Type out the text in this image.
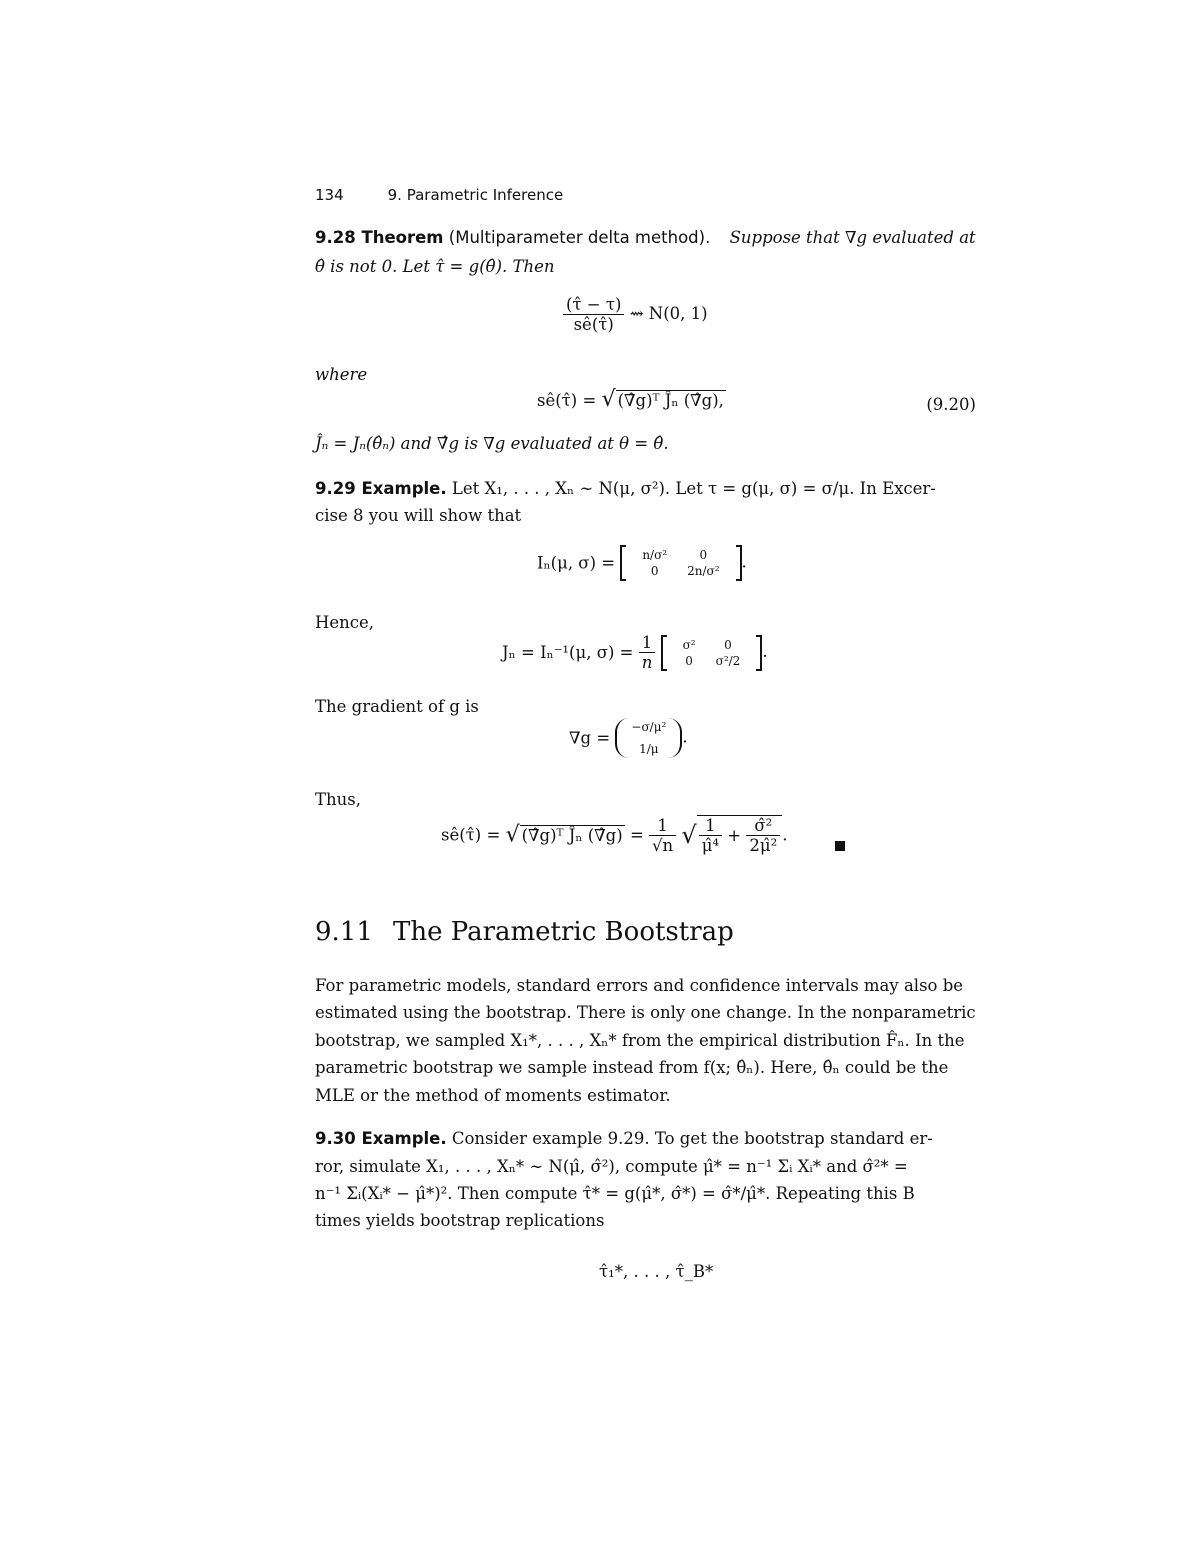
134	9. Parametric Inference
9.28 Theorem (Multiparameter delta method). Suppose that ∇g evaluated at
θ̂ is not 0. Let τ̂ = g(θ̂). Then
$\frac{(\taû - \tau)}{sê(\taû)}$ ⇝ N(0, 1)
where
sê(τ̂) = √ (∇̂g)ᵀ Ĵₙ (∇̂g),	(9.20)
Ĵₙ = Jₙ(θ̂ₙ) and ∇̂g is ∇g evaluated at θ = θ̂.
9.29 Example. Let X₁, . . . , Xₙ ∼ N(μ, σ²). Let τ = g(μ, σ) = σ/μ. In Excer-
cise 8 you will show that
Iₙ(μ, σ) = n/σ²	0
0	2n/σ² .
Hence,
Jₙ = Iₙ⁻¹(μ, $\sigma) = \frac{1}{n}$
σ²	0
0	σ²/2 .
The gradient of g is
∇g =
−σ/μ²
1/μ
.
Thus,
sê(τ̂) = √ (∇̂g)ᵀ Ĵₙ (∇̂g) = $\frac{1}{√n}$ √ $\frac{1}{\text{μ̂⁴}} + \frac{\text{σ̂²}}{\text{2μ̂²}}$ .
9.11 The Parametric Bootstrap
For parametric models, standard errors and confidence intervals may also be
estimated using the bootstrap. There is only one change. In the nonparametric
bootstrap, we sampled X₁*, . . . , Xₙ* from the empirical distribution F̂ₙ. In the
parametric bootstrap we sample instead from f(x; θ̂ₙ). Here, θ̂ₙ could be the
MLE or the method of moments estimator.
9.30 Example. Consider example 9.29. To get the bootstrap standard er-
ror, simulate X₁, . . . , Xₙ* ∼ N(μ̂, σ̂²), compute μ̂* = n⁻¹ Σᵢ Xᵢ* and σ̂²* =
n⁻¹ Σᵢ(Xᵢ* − μ̂*)². Then compute τ̂* = g(μ̂*, σ̂*) = σ̂*/μ̂*. Repeating this B
times yields bootstrap replications
τ̂₁*, . . . , τ̂_B*
